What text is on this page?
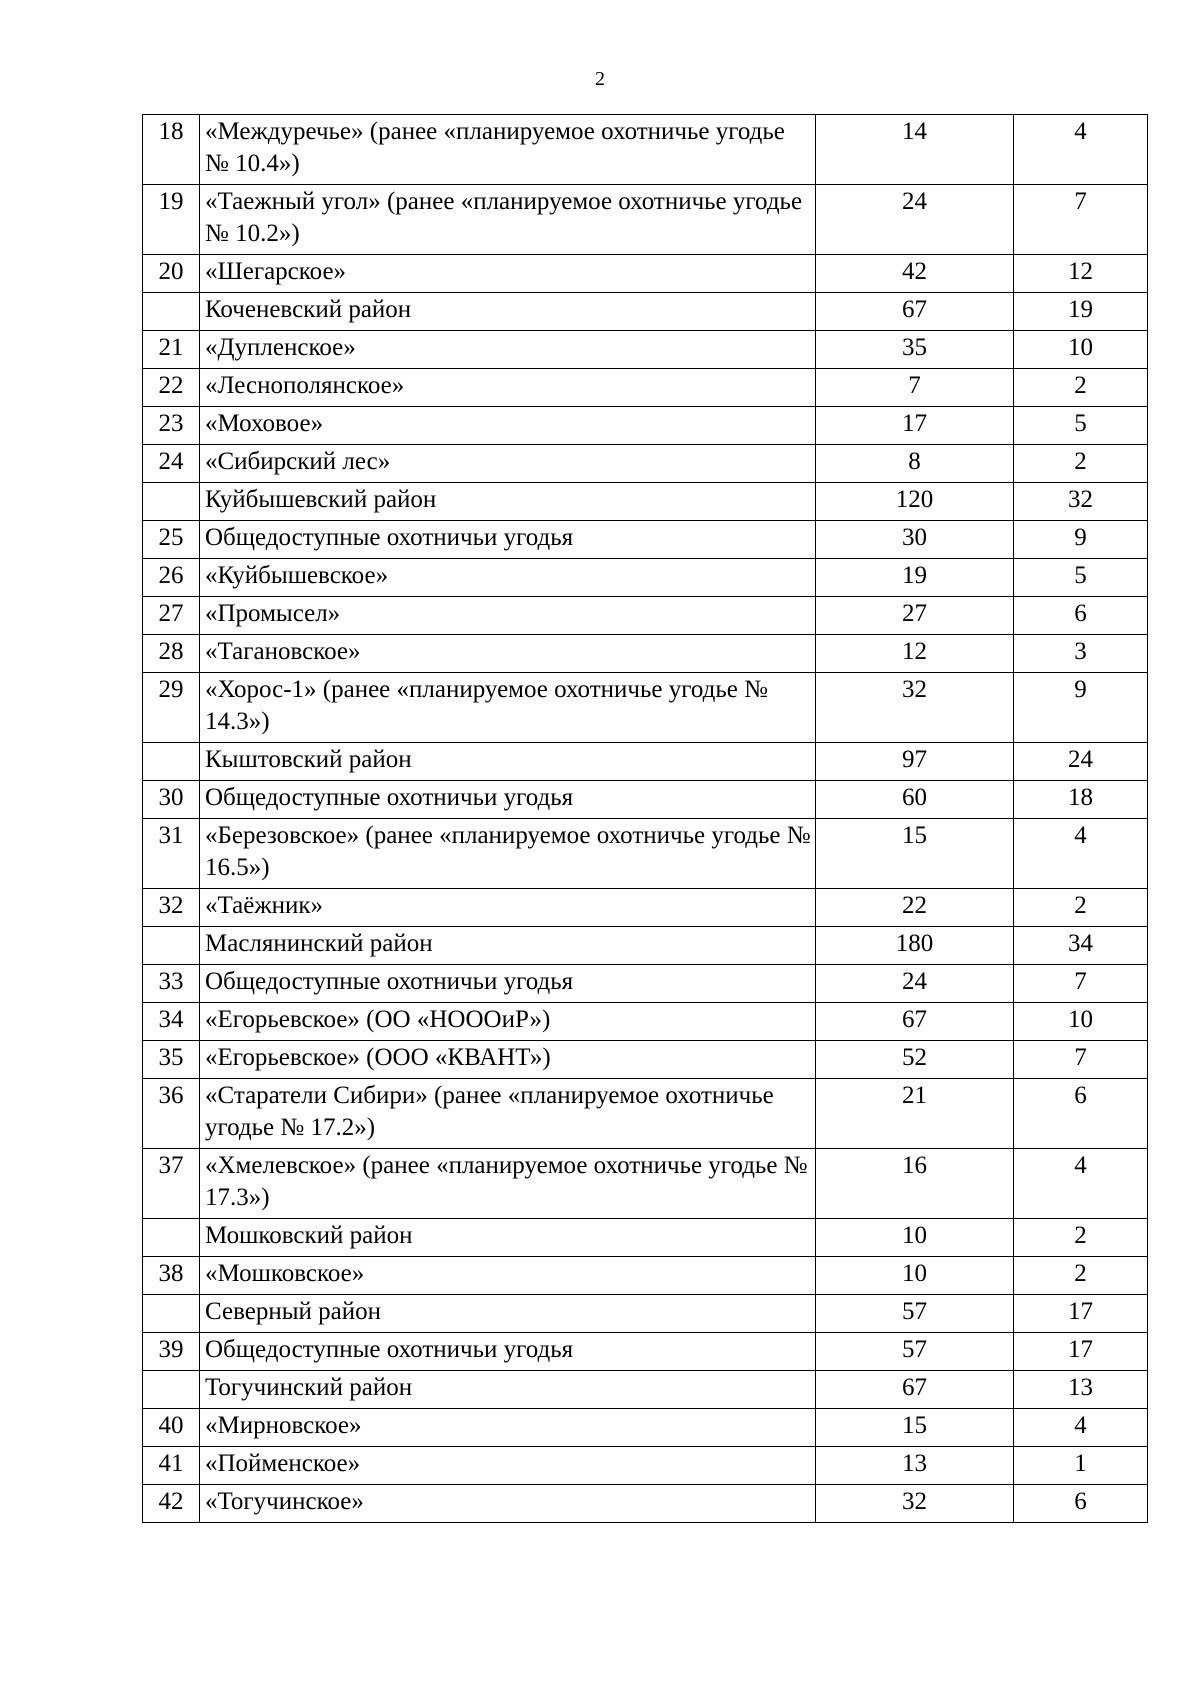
2
18	«Междуречье» (ранее «планируемое охотничье угодье № 10.4»)	14	4
19	«Таежный угол» (ранее «планируемое охотничье угодье № 10.2»)	24	7
20	«Шегарское»	42	12
	Коченевский район	67	19
21	«Дупленское»	35	10
22	«Леснополянское»	7	2
23	«Моховое»	17	5
24	«Сибирский лес»	8	2
	Куйбышевский район	120	32
25	Общедоступные охотничьи угодья	30	9
26	«Куйбышевское»	19	5
27	«Промысел»	27	6
28	«Тагановское»	12	3
29	«Хорос-1» (ранее «планируемое охотничье угодье № 14.3»)	32	9
	Кыштовский район	97	24
30	Общедоступные охотничьи угодья	60	18
31	«Березовское» (ранее «планируемое охотничье угодье № 16.5»)	15	4
32	«Таёжник»	22	2
	Маслянинский район	180	34
33	Общедоступные охотничьи угодья	24	7
34	«Егорьевское» (ОО «НОООиР»)	67	10
35	«Егорьевское» (ООО «КВАНТ»)	52	7
36	«Старатели Сибири» (ранее «планируемое охотничье угодье № 17.2»)	21	6
37	«Хмелевское» (ранее «планируемое охотничье угодье № 17.3»)	16	4
	Мошковский район	10	2
38	«Мошковское»	10	2
	Северный район	57	17
39	Общедоступные охотничьи угодья	57	17
	Тогучинский район	67	13
40	«Мирновское»	15	4
41	«Пойменское»	13	1
42	«Тогучинское»	32	6
